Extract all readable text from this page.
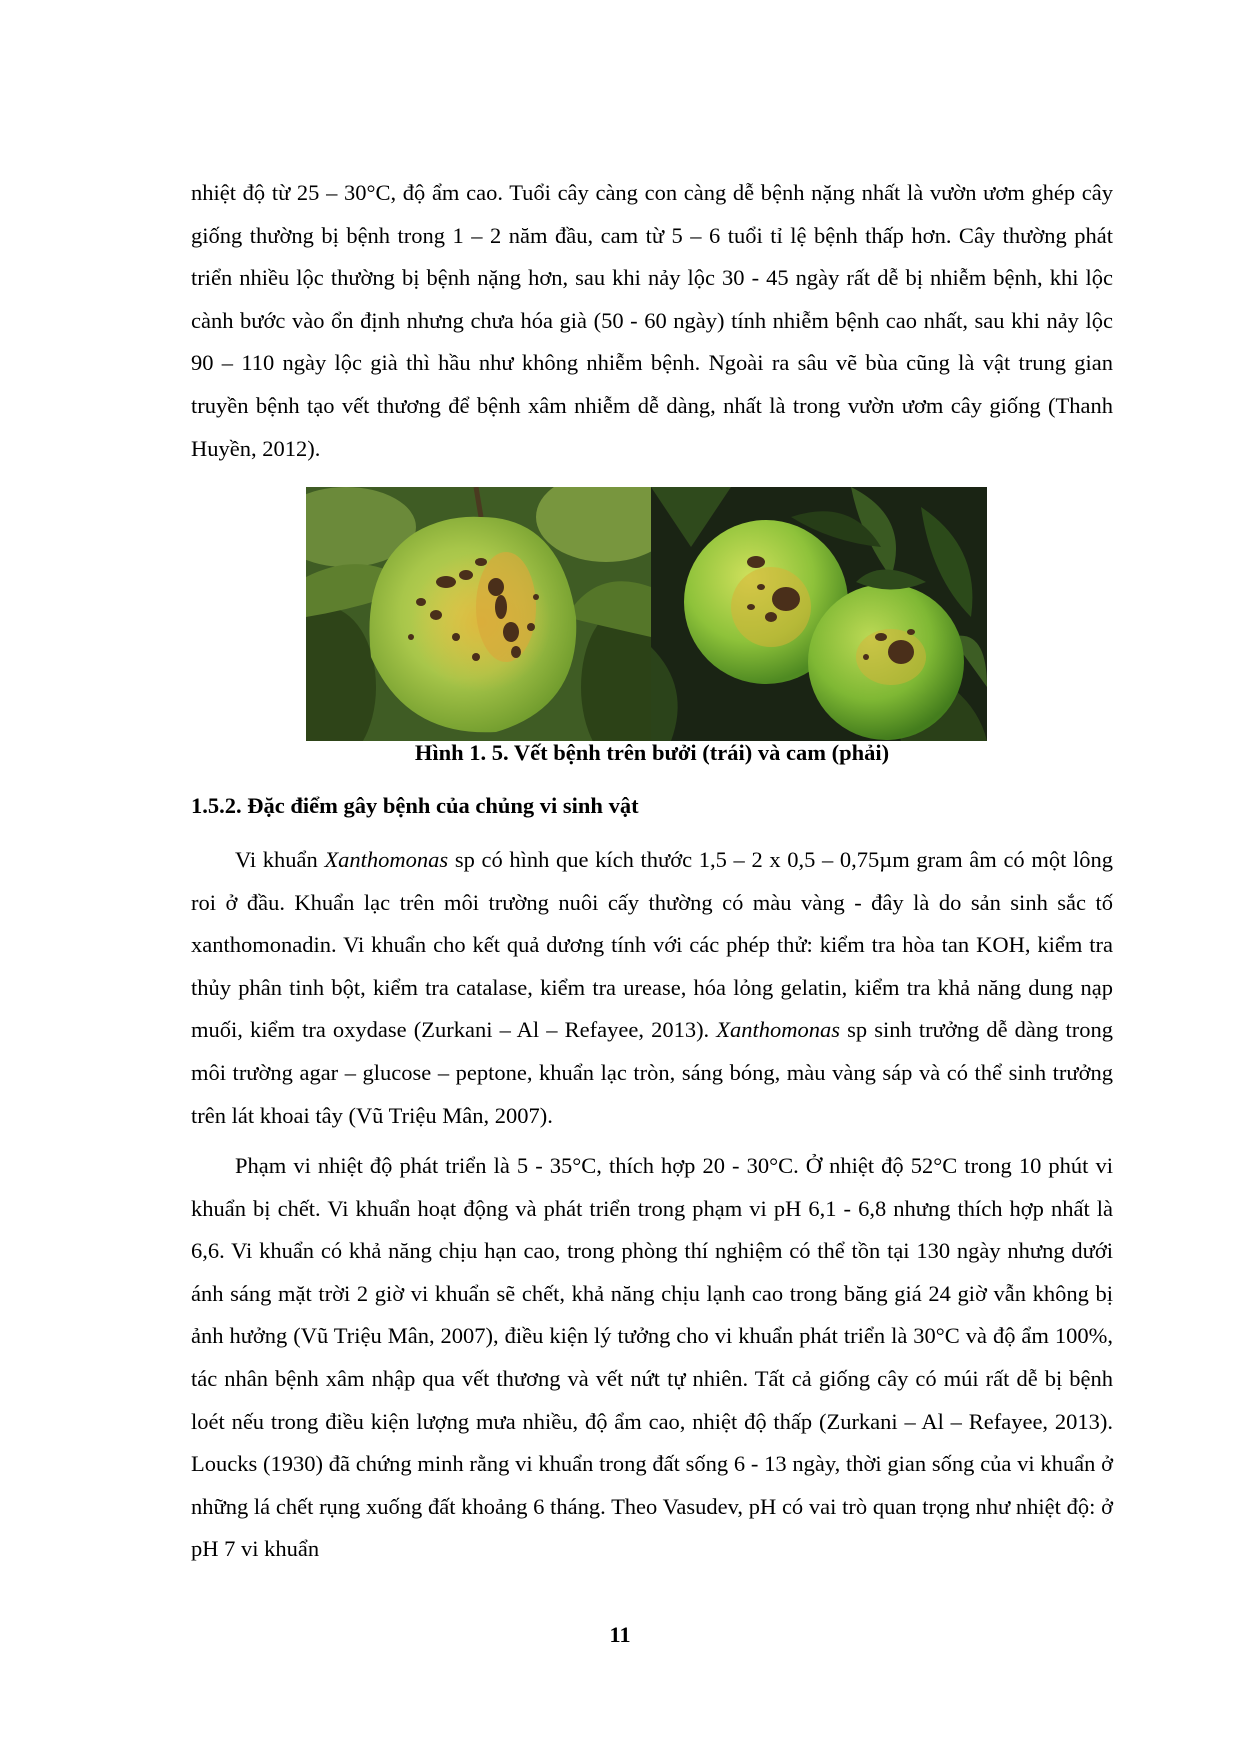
nhiệt độ từ 25 – 30°C, độ ẩm cao. Tuổi cây càng con càng dễ bệnh nặng nhất là vườn ươm ghép cây giống thường bị bệnh trong 1 – 2 năm đầu, cam từ 5 – 6 tuổi tỉ lệ bệnh thấp hơn. Cây thường phát triển nhiều lộc thường bị bệnh nặng hơn, sau khi nảy lộc 30 - 45 ngày rất dễ bị nhiễm bệnh, khi lộc cành bước vào ổn định nhưng chưa hóa già (50 - 60 ngày) tính nhiễm bệnh cao nhất, sau khi nảy lộc 90 – 110 ngày lộc già thì hầu như không nhiễm bệnh. Ngoài ra sâu vẽ bùa cũng là vật trung gian truyền bệnh tạo vết thương để bệnh xâm nhiễm dễ dàng, nhất là trong vườn ươm cây giống (Thanh Huyền, 2012).

Hình 1. 5. Vết bệnh trên bưởi (trái) và cam (phải)
1.5.2. Đặc điểm gây bệnh của chủng vi sinh vật

Vi khuẩn Xanthomonas sp có hình que kích thước 1,5 – 2 x 0,5 – 0,75µm gram âm có một lông roi ở đầu. Khuẩn lạc trên môi trường nuôi cấy thường có màu vàng - đây là do sản sinh sắc tố xanthomonadin. Vi khuẩn cho kết quả dương tính với các phép thử: kiểm tra hòa tan KOH, kiểm tra thủy phân tinh bột, kiểm tra catalase, kiểm tra urease, hóa lỏng gelatin, kiểm tra khả năng dung nạp muối, kiểm tra oxydase (Zurkani – Al – Refayee, 2013). Xanthomonas sp sinh trưởng dễ dàng trong môi trường agar – glucose – peptone, khuẩn lạc tròn, sáng bóng, màu vàng sáp và có thể sinh trưởng trên lát khoai tây (Vũ Triệu Mân, 2007).

Phạm vi nhiệt độ phát triển là 5 - 35°C, thích hợp 20 - 30°C. Ở nhiệt độ 52°C trong 10 phút vi khuẩn bị chết. Vi khuẩn hoạt động và phát triển trong phạm vi pH 6,1 - 6,8 nhưng thích hợp nhất là 6,6. Vi khuẩn có khả năng chịu hạn cao, trong phòng thí nghiệm có thể tồn tại 130 ngày nhưng dưới ánh sáng mặt trời 2 giờ vi khuẩn sẽ chết, khả năng chịu lạnh cao trong băng giá 24 giờ vẫn không bị ảnh hưởng (Vũ Triệu Mân, 2007), điều kiện lý tưởng cho vi khuẩn phát triển là 30°C và độ ẩm 100%, tác nhân bệnh xâm nhập qua vết thương và vết nứt tự nhiên. Tất cả giống cây có múi rất dễ bị bệnh loét nếu trong điều kiện lượng mưa nhiều, độ ẩm cao, nhiệt độ thấp (Zurkani – Al – Refayee, 2013). Loucks (1930) đã chứng minh rằng vi khuẩn trong đất sống 6 - 13 ngày, thời gian sống của vi khuẩn ở những lá chết rụng xuống đất khoảng 6 tháng. Theo Vasudev, pH có vai trò quan trọng như nhiệt độ: ở pH 7 vi khuẩn

11
